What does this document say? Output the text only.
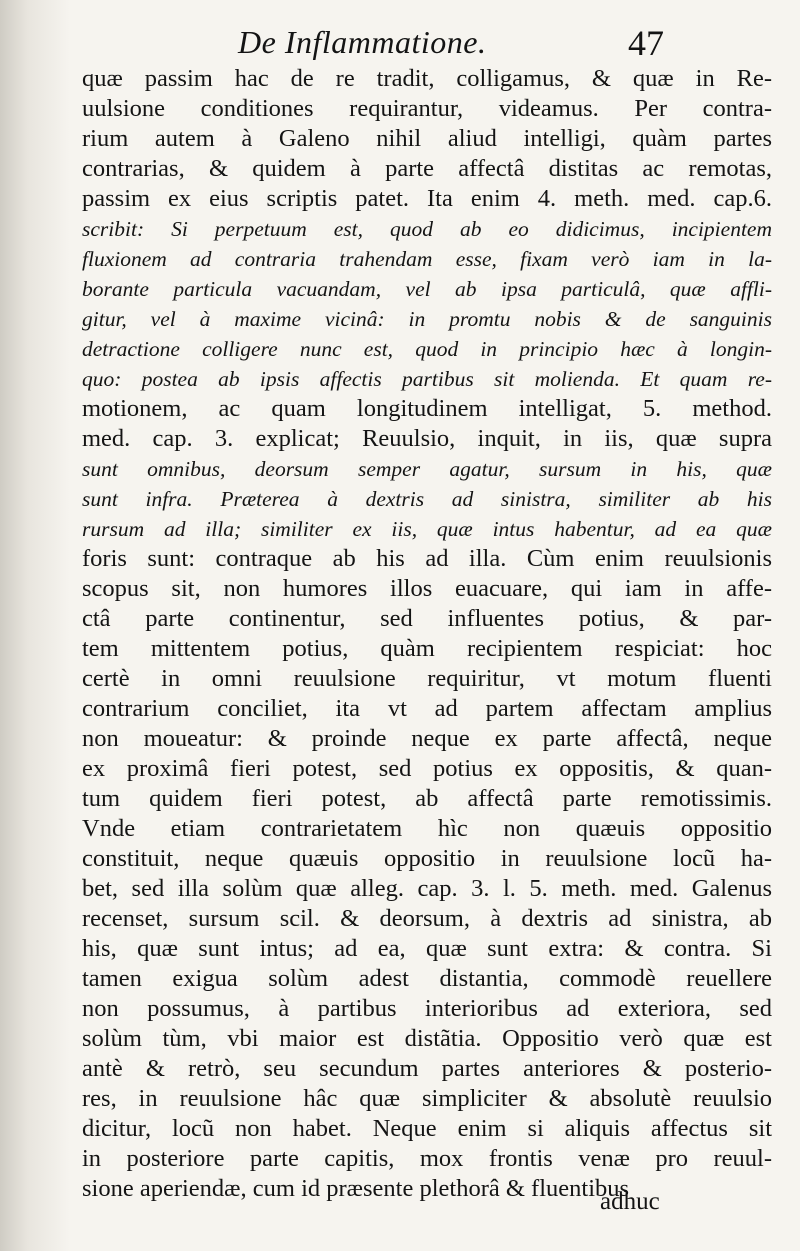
De Inflammatione.	47
quæ passim hac de re tradit, colligamus, & quæ in Re-
uulsione conditiones requirantur, videamus. Per contra-
rium autem à Galeno nihil aliud intelligi, quàm partes
contrarias, & quidem à parte affectâ distitas ac remotas,
passim ex eius scriptis patet. Ita enim 4. meth. med. cap.6.
scribit: Si perpetuum est, quod ab eo didicimus, incipientem
fluxionem ad contraria trahendam esse, fixam verò iam in la-
borante particula vacuandam, vel ab ipsa particulâ, quæ affli-
gitur, vel à maxime vicinâ: in promtu nobis & de sanguinis
detractione colligere nunc est, quod in principio hæc à longin-
quo: postea ab ipsis affectis partibus sit molienda. Et quam re-
motionem, ac quam longitudinem intelligat, 5. method.
med. cap. 3. explicat; Reuulsio, inquit, in iis, quæ supra
sunt omnibus, deorsum semper agatur, sursum in his, quæ
sunt infra. Præterea à dextris ad sinistra, similiter ab his
rursum ad illa; similiter ex iis, quæ intus habentur, ad ea quæ
foris sunt: contraque ab his ad illa. Cùm enim reuulsionis
scopus sit, non humores illos euacuare, qui iam in affe-
ctâ parte continentur, sed influentes potius, & par-
tem mittentem potius, quàm recipientem respiciat: hoc
certè in omni reuulsione requiritur, vt motum fluenti
contrarium conciliet, ita vt ad partem affectam amplius
non moueatur: & proinde neque ex parte affectâ, neque
ex proximâ fieri potest, sed potius ex oppositis, & quan-
tum quidem fieri potest, ab affectâ parte remotissimis.
Vnde etiam contrarietatem hìc non quæuis oppositio
constituit, neque quæuis oppositio in reuulsione locũ ha-
bet, sed illa solùm quæ alleg. cap. 3. l. 5. meth. med. Galenus
recenset, sursum scil. & deorsum, à dextris ad sinistra, ab
his, quæ sunt intus; ad ea, quæ sunt extra: & contra. Si
tamen exigua solùm adest distantia, commodè reuellere
non possumus, à partibus interioribus ad exteriora, sed
solùm tùm, vbi maior est distãtia. Oppositio verò quæ est
antè & retrò, seu secundum partes anteriores & posterio-
res, in reuulsione hâc quæ simpliciter & absolutè reuulsio
dicitur, locũ non habet. Neque enim si aliquis affectus sit
in posteriore parte capitis, mox frontis venæ pro reuul-
sione aperiendæ, cum id præsente plethorâ & fluentibus
adhuc
